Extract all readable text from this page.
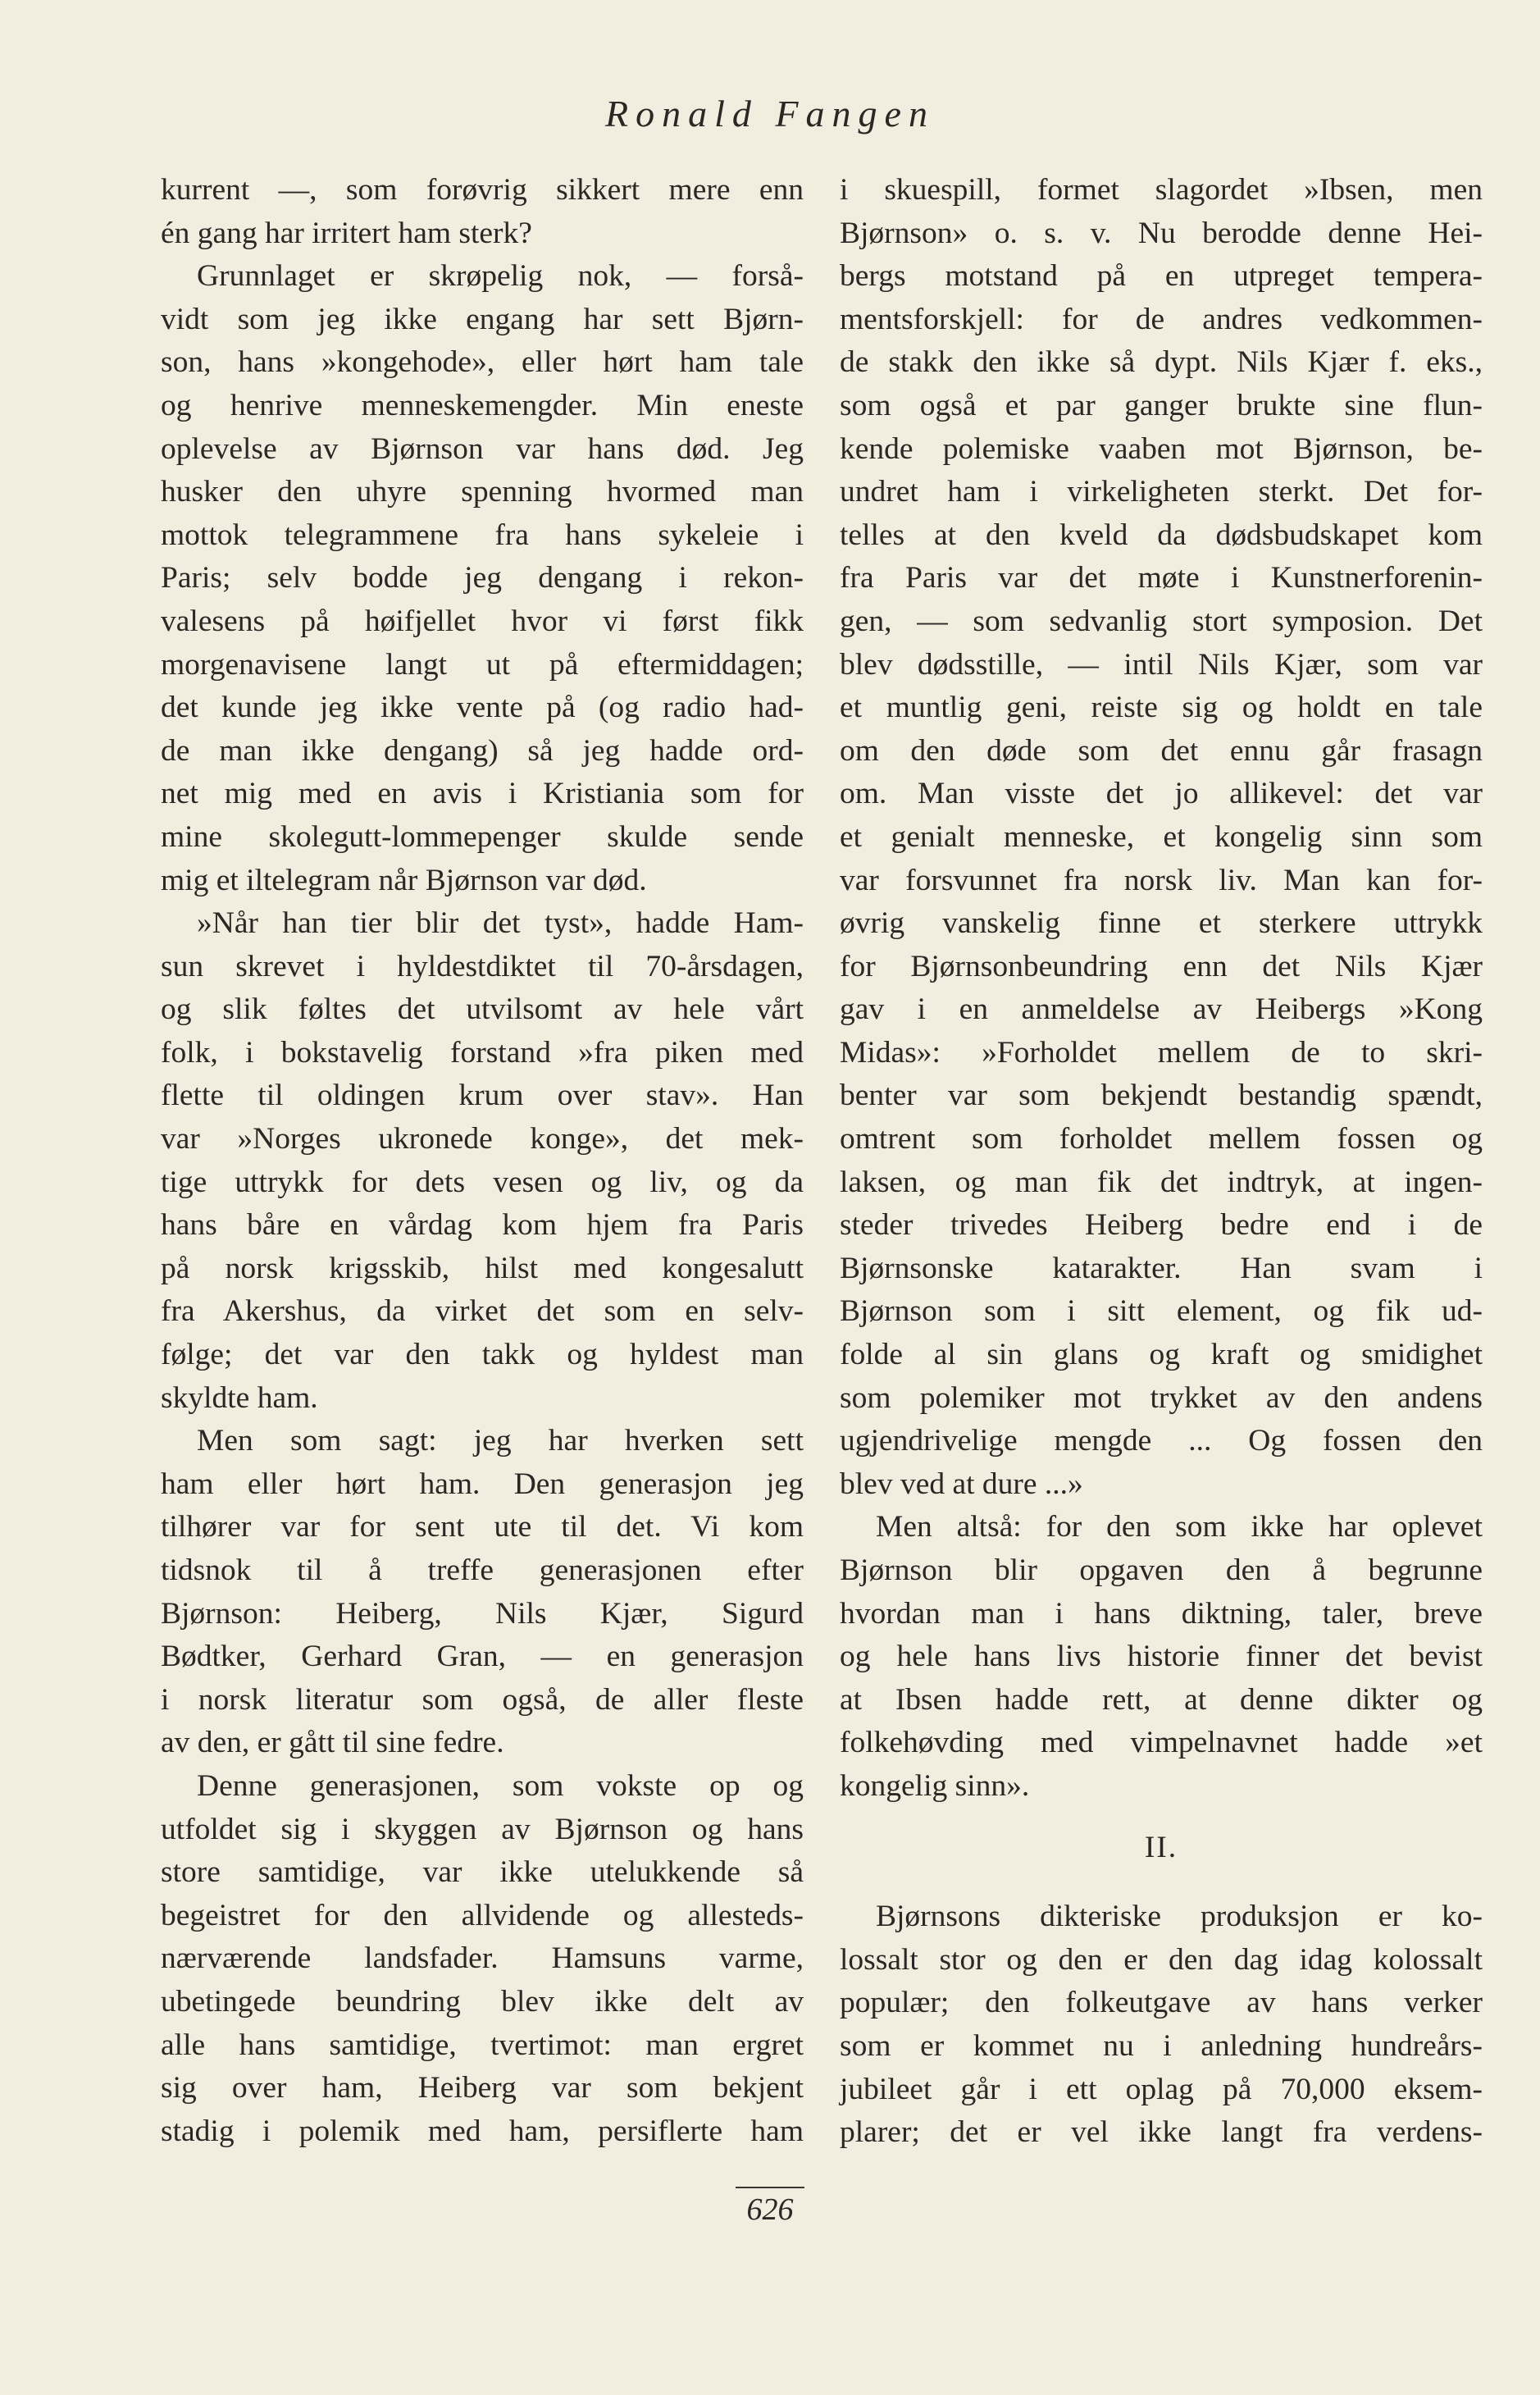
Ronald Fangen
kurrent —, som forøvrig sikkert mere enn
én gang har irritert ham sterk?
Grunnlaget er skrøpelig nok, — forså-
vidt som jeg ikke engang har sett Bjørn-
son, hans »kongehode», eller hørt ham tale
og henrive menneskemengder. Min eneste
oplevelse av Bjørnson var hans død. Jeg
husker den uhyre spenning hvormed man
mottok telegrammene fra hans sykeleie i
Paris; selv bodde jeg dengang i rekon-
valesens på høifjellet hvor vi først fikk
morgenavisene langt ut på eftermiddagen;
det kunde jeg ikke vente på (og radio had-
de man ikke dengang) så jeg hadde ord-
net mig med en avis i Kristiania som for
mine skolegutt-lommepenger skulde sende
mig et iltelegram når Bjørnson var død.
»Når han tier blir det tyst», hadde Ham-
sun skrevet i hyldestdiktet til 70-årsdagen,
og slik føltes det utvilsomt av hele vårt
folk, i bokstavelig forstand »fra piken med
flette til oldingen krum over stav». Han
var »Norges ukronede konge», det mek-
tige uttrykk for dets vesen og liv, og da
hans båre en vårdag kom hjem fra Paris
på norsk krigsskib, hilst med kongesalutt
fra Akershus, da virket det som en selv-
følge; det var den takk og hyldest man
skyldte ham.
Men som sagt: jeg har hverken sett
ham eller hørt ham. Den generasjon jeg
tilhører var for sent ute til det. Vi kom
tidsnok til å treffe generasjonen efter
Bjørnson: Heiberg, Nils Kjær, Sigurd
Bødtker, Gerhard Gran, — en generasjon
i norsk literatur som også, de aller fleste
av den, er gått til sine fedre.
Denne generasjonen, som vokste op og
utfoldet sig i skyggen av Bjørnson og hans
store samtidige, var ikke utelukkende så
begeistret for den allvidende og allesteds-
nærværende landsfader. Hamsuns varme,
ubetingede beundring blev ikke delt av
alle hans samtidige, tvertimot: man ergret
sig over ham, Heiberg var som bekjent
stadig i polemik med ham, persiflerte ham
i skuespill, formet slagordet »Ibsen, men
Bjørnson» o. s. v. Nu berodde denne Hei-
bergs motstand på en utpreget tempera-
mentsforskjell: for de andres vedkommen-
de stakk den ikke så dypt. Nils Kjær f. eks.,
som også et par ganger brukte sine flun-
kende polemiske vaaben mot Bjørnson, be-
undret ham i virkeligheten sterkt. Det for-
telles at den kveld da dødsbudskapet kom
fra Paris var det møte i Kunstnerforenin-
gen, — som sedvanlig stort symposion. Det
blev dødsstille, — intil Nils Kjær, som var
et muntlig geni, reiste sig og holdt en tale
om den døde som det ennu går frasagn
om. Man visste det jo allikevel: det var
et genialt menneske, et kongelig sinn som
var forsvunnet fra norsk liv. Man kan for-
øvrig vanskelig finne et sterkere uttrykk
for Bjørnsonbeundring enn det Nils Kjær
gav i en anmeldelse av Heibergs »Kong
Midas»: »Forholdet mellem de to skri-
benter var som bekjendt bestandig spændt,
omtrent som forholdet mellem fossen og
laksen, og man fik det indtryk, at ingen-
steder trivedes Heiberg bedre end i de
Bjørnsonske katarakter. Han svam i
Bjørnson som i sitt element, og fik ud-
folde al sin glans og kraft og smidighet
som polemiker mot trykket av den andens
ugjendrivelige mengde ... Og fossen den
blev ved at dure ...»
Men altså: for den som ikke har oplevet
Bjørnson blir opgaven den å begrunne
hvordan man i hans diktning, taler, breve
og hele hans livs historie finner det bevist
at Ibsen hadde rett, at denne dikter og
folkehøvding med vimpelnavnet hadde »et
kongelig sinn».
II.
Bjørnsons dikteriske produksjon er ko-
lossalt stor og den er den dag idag kolossalt
populær; den folkeutgave av hans verker
som er kommet nu i anledning hundreårs-
jubileet går i ett oplag på 70,000 eksem-
plarer; det er vel ikke langt fra verdens-
626
